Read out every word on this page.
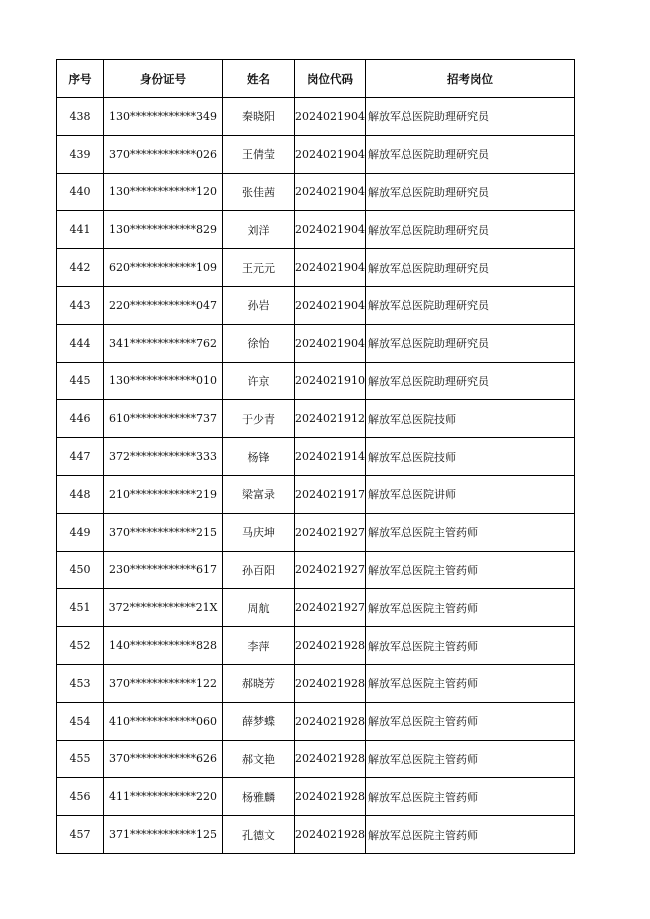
序号	身份证号	姓名	岗位代码	招考岗位
438	130************349	秦晓阳	2024021904	解放军总医院助理研究员
439	370************026	王倩莹	2024021904	解放军总医院助理研究员
440	130************120	张佳茜	2024021904	解放军总医院助理研究员
441	130************829	刘洋	2024021904	解放军总医院助理研究员
442	620************109	王元元	2024021904	解放军总医院助理研究员
443	220************047	孙岩	2024021904	解放军总医院助理研究员
444	341************762	徐怡	2024021904	解放军总医院助理研究员
445	130************010	许京	2024021910	解放军总医院助理研究员
446	610************737	于少青	2024021912	解放军总医院技师
447	372************333	杨锋	2024021914	解放军总医院技师
448	210************219	梁富录	2024021917	解放军总医院讲师
449	370************215	马庆坤	2024021927	解放军总医院主管药师
450	230************617	孙百阳	2024021927	解放军总医院主管药师
451	372************21X	周航	2024021927	解放军总医院主管药师
452	140************828	李萍	2024021928	解放军总医院主管药师
453	370************122	郝晓芳	2024021928	解放军总医院主管药师
454	410************060	薛梦蝶	2024021928	解放军总医院主管药师
455	370************626	郝文艳	2024021928	解放军总医院主管药师
456	411************220	杨雅麟	2024021928	解放军总医院主管药师
457	371************125	孔德文	2024021928	解放军总医院主管药师
